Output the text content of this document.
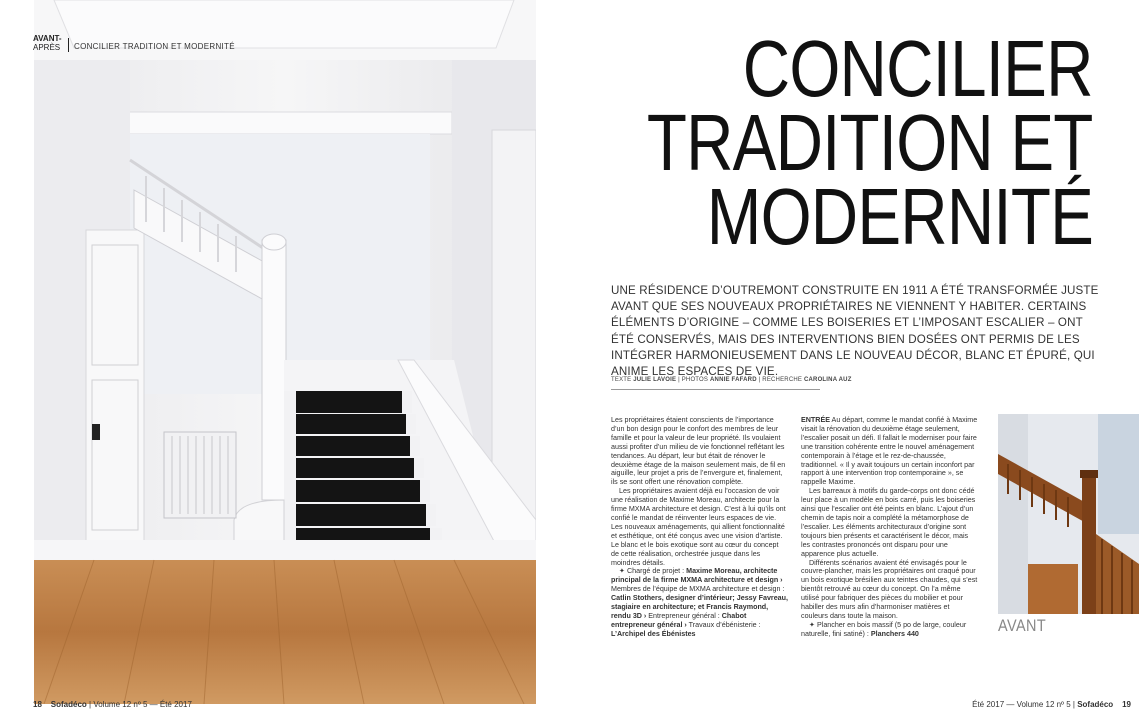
AVANT-
APRÈS CONCILIER TRADITION ET MODERNITÉ	CONCILIER
TRADITION ET
MODERNITÉ
UNE RÉSIDENCE D’OUTREMONT CONSTRUITE EN 1911 A ÉTÉ TRANSFORMÉE JUSTE AVANT QUE SES NOUVEAUX PROPRIÉTAIRES NE VIENNENT Y HABITER. CERTAINS ÉLÉMENTS D’ORIGINE – COMME LES BOISERIES ET L’IMPOSANT ESCALIER – ONT ÉTÉ CONSERVÉS, MAIS DES INTERVENTIONS BIEN DOSÉES ONT PERMIS DE LES INTÉGRER HARMONIEUSEMENT DANS LE NOUVEAU DÉCOR, BLANC ET ÉPURÉ, QUI ANIME LES ESPACES DE VIE.
TEXTE JULIE LAVOIE | PHOTOS ANNIE FAFARD | RECHERCHE CAROLINA AUZ

Les propriétaires étaient conscients de l’importance d’un bon design pour le confort des membres de leur famille et pour la valeur de leur propriété. Ils voulaient aussi profiter d’un milieu de vie fonctionnel reflétant les tendances. Au départ, leur but était de rénover le deuxième étage de la maison seulement mais, de fil en aiguille, leur projet a pris de l’envergure et, finalement, ils se sont offert une rénovation complète.

Les propriétaires avaient déjà eu l’occasion de voir une réalisation de Maxime Moreau, architecte pour la firme MXMA architecture et design. C’est à lui qu’ils ont confié le mandat de réinventer leurs espaces de vie. Les nouveaux aménagements, qui allient fonctionnalité et esthétique, ont été conçus avec une vision d’artiste. Le blanc et le bois exotique sont au cœur du concept de cette réalisation, orchestrée jusque dans les moindres détails.

✦ Chargé de projet : Maxime Moreau, architecte principal de la firme MXMA architecture et design › Membres de l’équipe de MXMA architecture et design : Catlin Stothers, designer d’intérieur; Jessy Favreau, stagiaire en architecture; et Francis Raymond, rendu 3D › Entrepreneur général : Chabot entrepreneur général › Travaux d’ébénisterie : L’Archipel des Ébénistes

ENTRÉE Au départ, comme le mandat confié à Maxime visait la rénovation du deuxième étage seulement, l’escalier posait un défi. Il fallait le moderniser pour faire une transition cohérente entre le nouvel aménagement contemporain à l’étage et le rez-de-chaussée, traditionnel. « Il y avait toujours un certain inconfort par rapport à une intervention trop contemporaine », se rappelle Maxime.

Les barreaux à motifs du garde-corps ont donc cédé leur place à un modèle en bois carré, puis les boiseries ainsi que l’escalier ont été peints en blanc. L’ajout d’un chemin de tapis noir a complété la métamorphose de l’escalier. Les éléments architecturaux d’origine sont toujours bien présents et caractérisent le décor, mais les contrastes prononcés ont disparu pour une apparence plus actuelle.

Différents scénarios avaient été envisagés pour le couvre-plancher, mais les propriétaires ont craqué pour un bois exotique brésilien aux teintes chaudes, qui s’est bientôt retrouvé au cœur du concept. On l’a même utilisé pour fabriquer des pièces du mobilier et pour habiller des murs afin d’harmoniser matières et couleurs dans toute la maison.

✦ Plancher en bois massif (5 po de large, couleur naturelle, fini satiné) : Planchers 440	AVANT
18 Sofadéco | Volume 12 nº 5 — Été 2017	Été 2017 — Volume 12 nº 5 | Sofadéco 19
